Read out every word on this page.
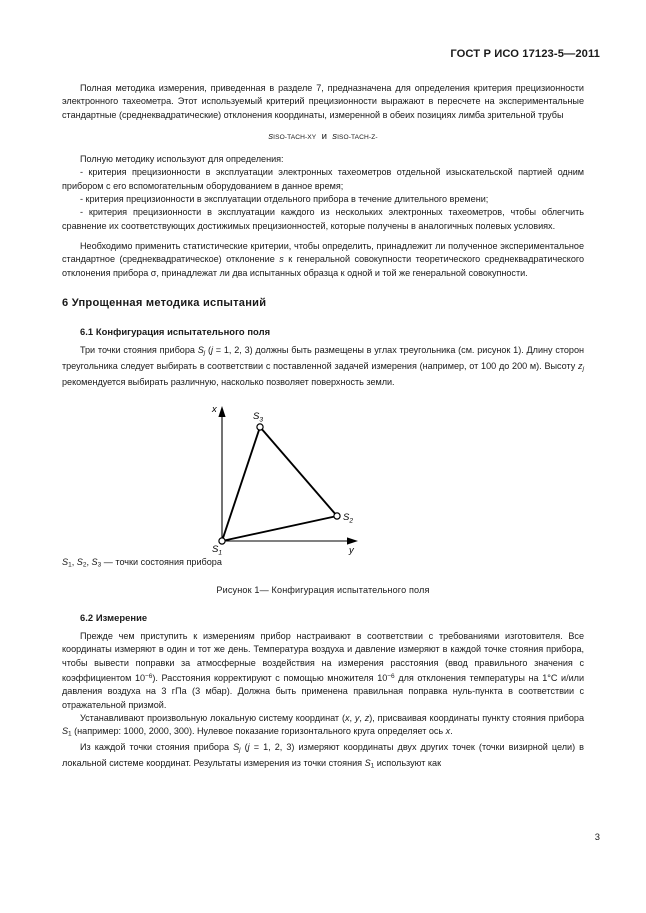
ГОСТ Р ИСО 17123-5—2011

Полная методика измерения, приведенная в разделе 7, предназначена для определения критерия прецизионности электронного тахеометра. Этот используемый критерий прецизионности выражают в пересчете на экспериментальные стандартные (среднеквадратические) отклонения координаты, измеренной в обеих позициях лимба зрительной трубы

sISO-TACH-XY и sISO-TACH-Z-

Полную методику используют для определения:

- критерия прецизионности в эксплуатации электронных тахеометров отдельной изыскательской партией одним прибором с его вспомогательным оборудованием в данное время;

- критерия прецизионности в эксплуатации отдельного прибора в течение длительного времени;

- критерия прецизионности в эксплуатации каждого из нескольких электронных тахеометров, чтобы облегчить сравнение их соответствующих достижимых прецизионностей, которые получены в аналогичных полевых условиях.

Необходимо применить статистические критерии, чтобы определить, принадлежит ли полученное экспериментальное стандартное (среднеквадратическое) отклонение s к генеральной совокупности теоретического среднеквадратического отклонения прибора σ, принадлежат ли два испытанных образца к одной и той же генеральной совокупности.

6 Упрощенная методика испытаний
6.1 Конфигурация испытательного поля

Три точки стояния прибора $S_j$ (j = 1, 2, 3) должны быть размещены в углах треугольника (см. рисунок 1). Длину сторон треугольника следует выбирать в соответствии с поставленной задачей измерения (например, от 100 до 200 м). Высоту $z_j$ рекомендуется выбирать различную, насколько позволяет поверхность земли.

x
y
$S_1$
$S_2$
$S_3$

$S_1$, $S_2$, $S_3$ — точки состояния прибора

Рисунок 1— Конфигурация испытательного поля

6.2 Измерение

Прежде чем приступить к измерениям прибор настраивают в соответствии с требованиями изготовителя. Все координаты измеряют в один и тот же день. Температура воздуха и давление измеряют в каждой точке стояния прибора, чтобы вывести поправки за атмосферные воздействия на измерения расстояния (ввод правильного значения с коэффициентом $10^{-6}$). Расстояния корректируют с помощью множителя $10^{-6}$ для отклонения температуры на 1°С и/или давления воздуха на 3 гПа (3 мбар). Должна быть применена правильная поправка нуль-пункта в соответствии с отражательной призмой.

Устанавливают произвольную локальную систему координат (x, y, z), присваивая координаты пункту стояния прибора $S_1$ (например: 1000, 2000, 300). Нулевое показание горизонтального круга определяет ось x.

Из каждой точки стояния прибора $S_j$ (j = 1, 2, 3) измеряют координаты двух других точек (точки визирной цели) в локальной системе координат. Результаты измерения из точки стояния $S_1$ используют как

3
